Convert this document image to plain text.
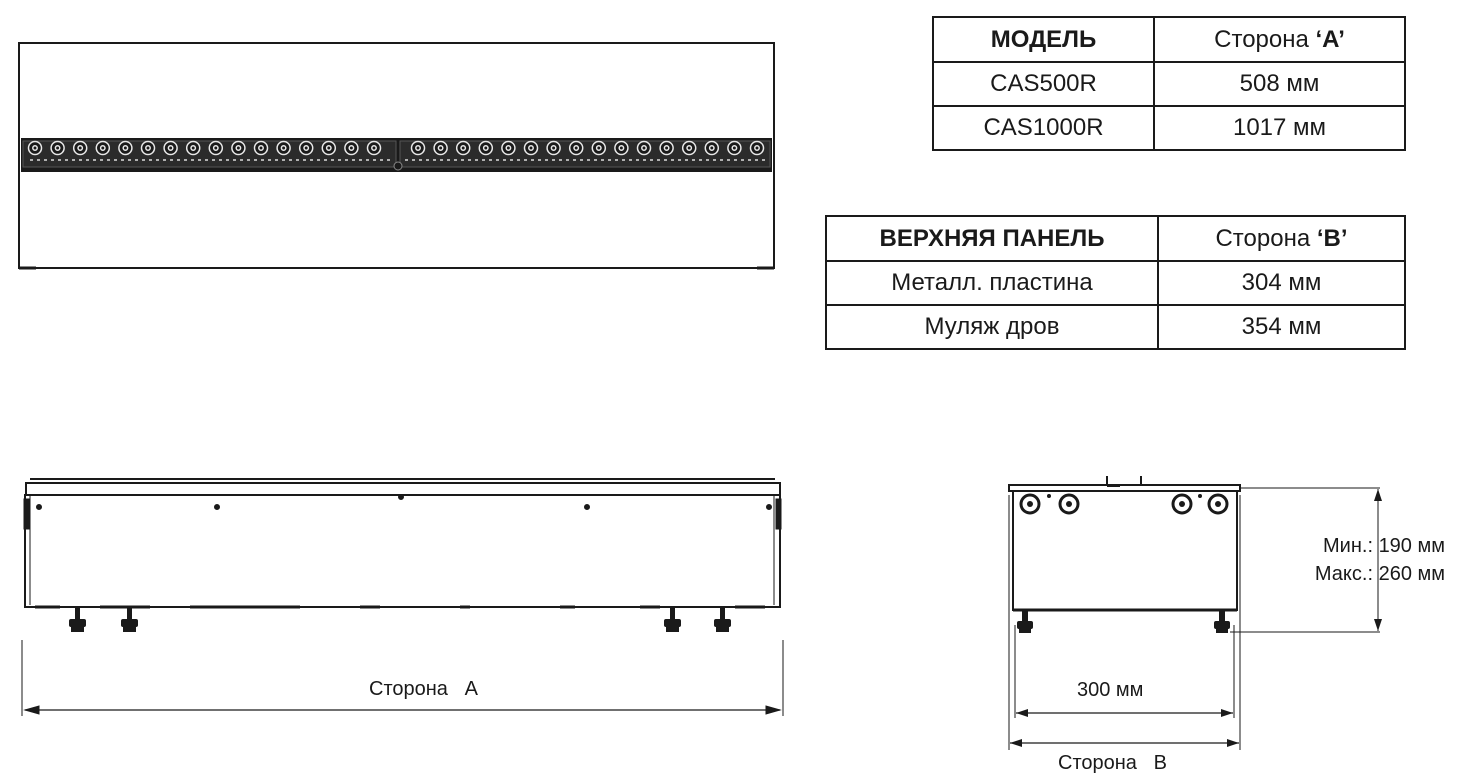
МОДЕЛЬ	Сторона ‘A’
CAS500R	508 мм
CAS1000R	1017 мм
ВЕРХНЯЯ ПАНЕЛЬ	Сторона ‘B’
Металл. пластина	304 мм
Муляж дров	354 мм
Сторона   A
Мин.: 190 мм
Макс.: 260 мм
300 мм
Сторона   B
